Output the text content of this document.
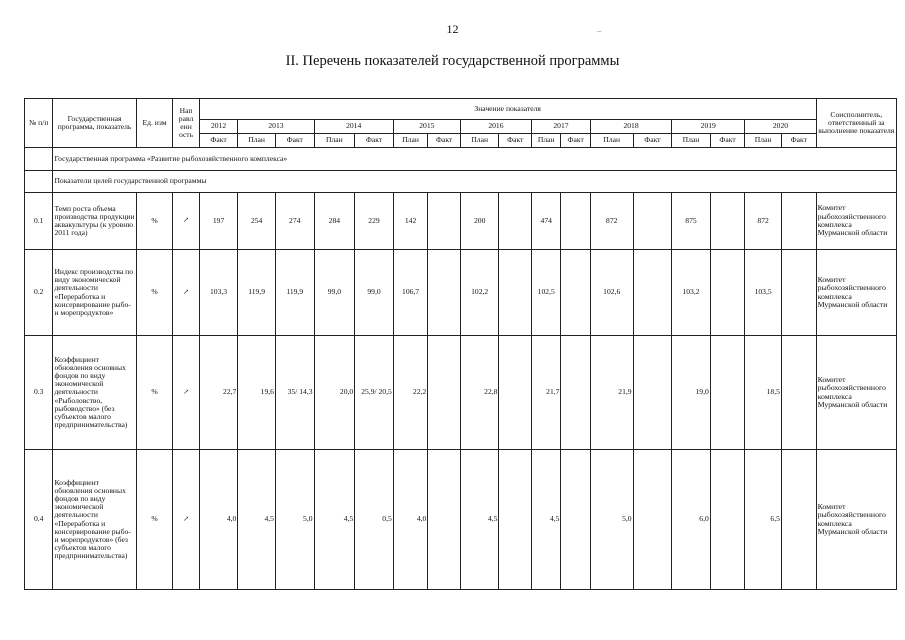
12	–
II. Перечень показателей государственной программы
№ п/п	Государственная программа, показатель	Ед. изм	Нап равл енн ость	Значение показателя																	Соисполнитель, ответственный за выполнение показателя
				2012	2013		2014		2015		2016		2017		2018		2019		2020		
				Факт	План	Факт	План	Факт	План	Факт	План	Факт	План	Факт	План	Факт	План	Факт	План	Факт	
	Государственная программа «Развитие рыбохозяйственного комплекса»																				
	Показатели целей государственной программы																				
0.1	Темп роста объема производства продукции аквакультуры (к уровню 2011 года)	%	↗	197	254	274	284	229	142		200		474		872		875		872		Комитет рыбохозяйственного комплекса Мурманской области
0.2	Индекс производства по виду экономической деятельности «Переработка и консервирование рыбо- и морепродуктов»	%	↗	103,3	119,9	119,9	99,0	99,0	106,7		102,2		102,5		102,6		103,2		103,5		Комитет рыбохозяйственного комплекса Мурманской области
0.3	Коэффициент обновления основных фондов по виду экономической деятельности «Рыболовство, рыбоводство» (без субъектов малого предпринимательства)	%	↗	22,7	19,6	35/ 14,3	20,0	25,9/ 20,5	22,2		22,8		21,7		21,9		19,0		18,5		Комитет рыбохозяйственного комплекса Мурманской области
0.4	Коэффициент обновления основных фондов по виду экономической деятельности «Переработка и консервирование рыбо- и морепродуктов» (без субъектов малого предпринимательства)	%	↗	4,0	4,5	5,0	4,5	0,5	4,0		4,5		4,5		5,0		6,0		6,5		Комитет рыбохозяйственного комплекса Мурманской области
